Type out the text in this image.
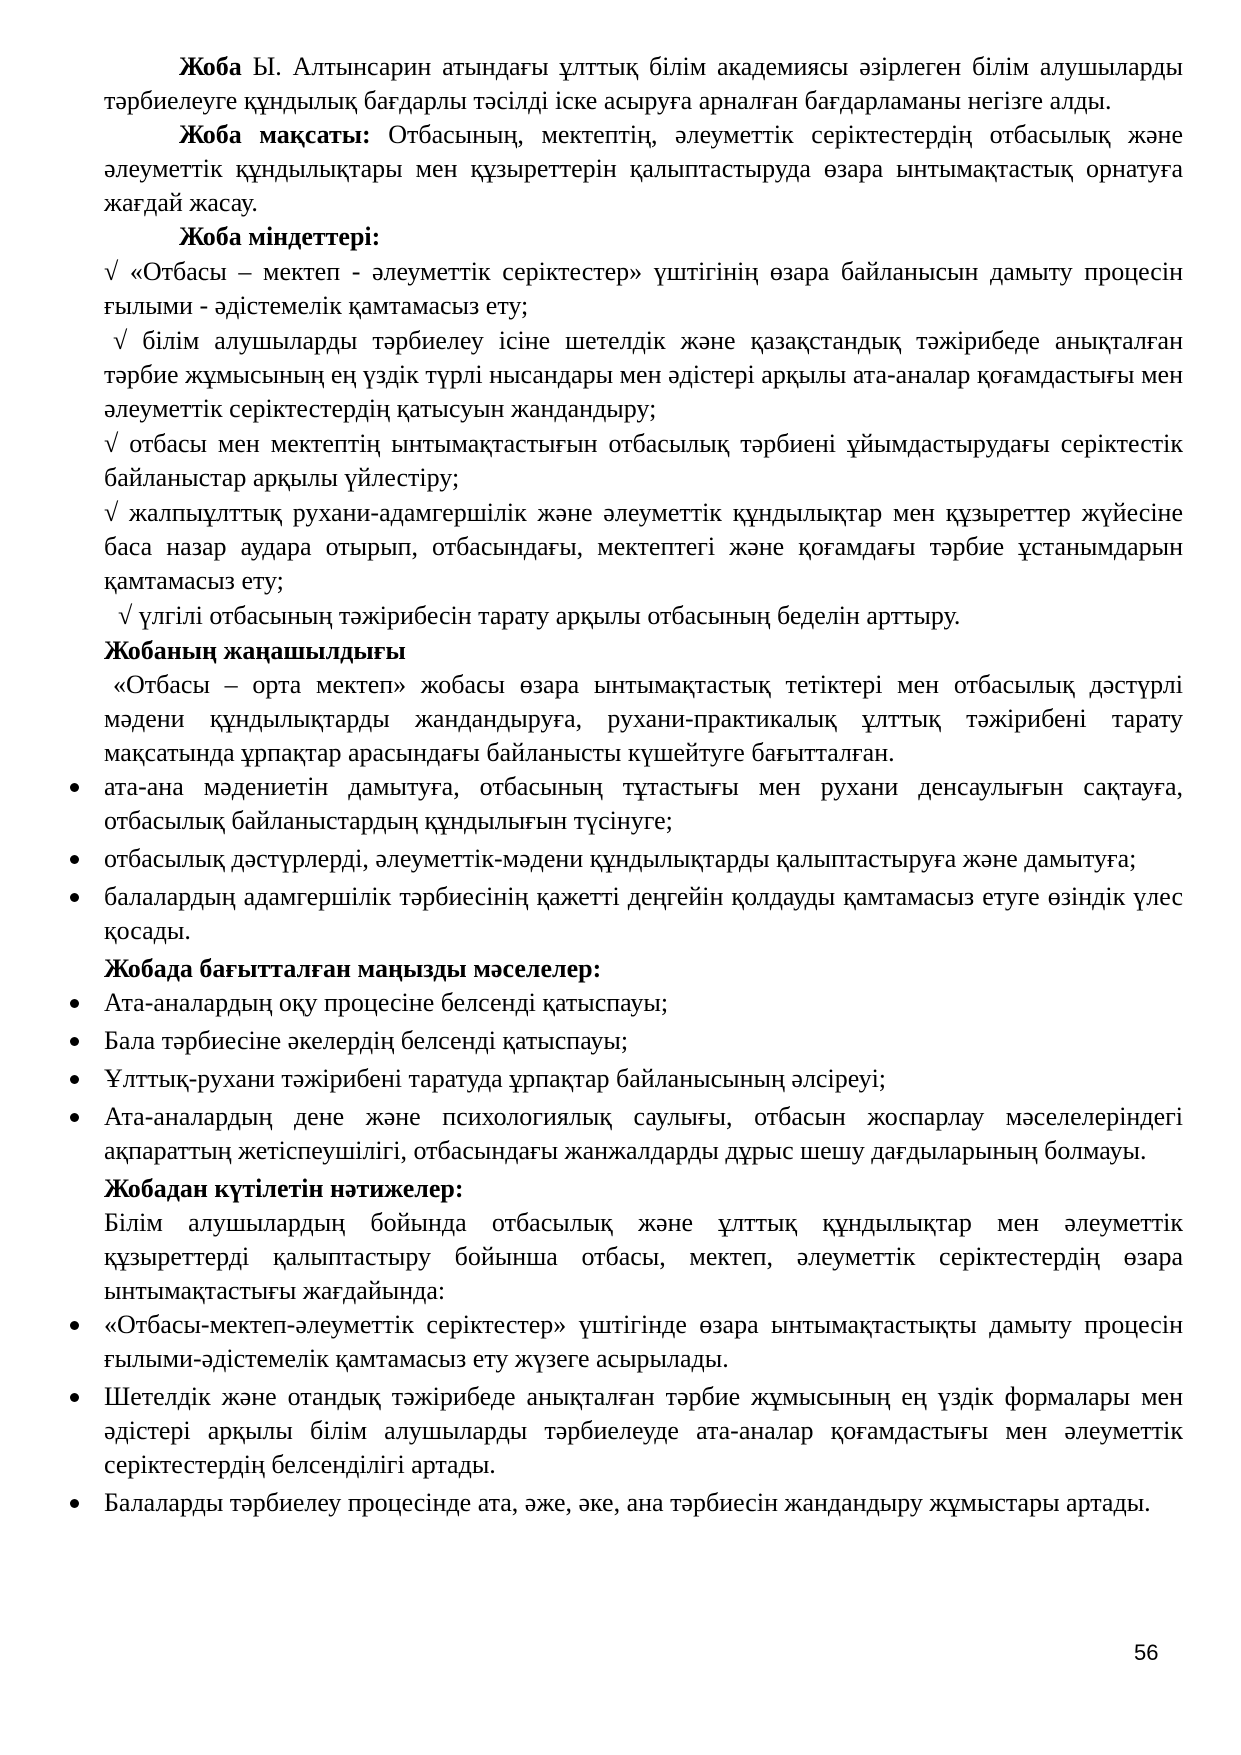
Жоба Ы. Алтынсарин атындағы ұлттық білім академиясы әзірлеген білім алушыларды тәрбиелеуге құндылық бағдарлы тәсілді іске асыруға арналған бағдарламаны негізге алды.

Жоба мақсаты: Отбасының, мектептің, әлеуметтік серіктестердің отбасылық және әлеуметтік құндылықтары мен құзыреттерін қалыптастыруда өзара ынтымақтастық орнатуға жағдай жасау.

Жоба міндеттері:

√ «Отбасы – мектеп - әлеуметтік серіктестер» үштігінің өзара байланысын дамыту процесін ғылыми - әдістемелік қамтамасыз ету;

√ білім алушыларды тәрбиелеу ісіне шетелдік және қазақстандық тәжірибеде анықталған тәрбие жұмысының ең үздік түрлі нысандары мен әдістері арқылы ата-аналар қоғамдастығы мен әлеуметтік серіктестердің қатысуын жандандыру;

√ отбасы мен мектептің ынтымақтастығын отбасылық тәрбиені ұйымдастырудағы серіктестік байланыстар арқылы үйлестіру;

√ жалпыұлттық рухани-адамгершілік және әлеуметтік құндылықтар мен құзыреттер жүйесіне баса назар аудара отырып, отбасындағы, мектептегі және қоғамдағы тәрбие ұстанымдарын қамтамасыз ету;

√ үлгілі отбасының тәжірибесін тарату арқылы отбасының беделін арттыру.

Жобаның жаңашылдығы

«Отбасы – орта мектеп» жобасы өзара ынтымақтастық тетіктері мен отбасылық дәстүрлі мәдени құндылықтарды жандандыруға, рухани-практикалық ұлттық тәжірибені тарату мақсатында ұрпақтар арасындағы байланысты күшейтуге бағытталған.

ата-ана мәдениетін дамытуға, отбасының тұтастығы мен рухани денсаулығын сақтауға, отбасылық байланыстардың құндылығын түсінуге;
отбасылық дәстүрлерді, әлеуметтік-мәдени құндылықтарды қалыптастыруға және дамытуға;
балалардың адамгершілік тәрбиесінің қажетті деңгейін қолдауды қамтамасыз етуге өзіндік үлес қосады.

Жобада бағытталған маңызды мәселелер:

Ата-аналардың оқу процесіне белсенді қатыспауы;
Бала тәрбиесіне әкелердің белсенді қатыспауы;
Ұлттық-рухани тәжірибені таратуда ұрпақтар байланысының әлсіреуі;
Ата-аналардың дене және психологиялық саулығы, отбасын жоспарлау мәселелеріндегі ақпараттың жетіспеушілігі, отбасындағы жанжалдарды дұрыс шешу дағдыларының болмауы.

Жобадан күтілетін нәтижелер:

Білім алушылардың бойында отбасылық және ұлттық құндылықтар мен әлеуметтік құзыреттерді қалыптастыру бойынша отбасы, мектеп, әлеуметтік серіктестердің өзара ынтымақтастығы жағдайында:

«Отбасы-мектеп-әлеуметтік серіктестер» үштігінде өзара ынтымақтастықты дамыту процесін ғылыми-әдістемелік қамтамасыз ету жүзеге асырылады.
Шетелдік және отандық тәжірибеде анықталған тәрбие жұмысының ең үздік формалары мен әдістері арқылы білім алушыларды тәрбиелеуде ата-аналар қоғамдастығы мен әлеуметтік серіктестердің белсенділігі артады.
Балаларды тәрбиелеу процесінде ата, әже, әке, ана тәрбиесін жандандыру жұмыстары артады.
56
